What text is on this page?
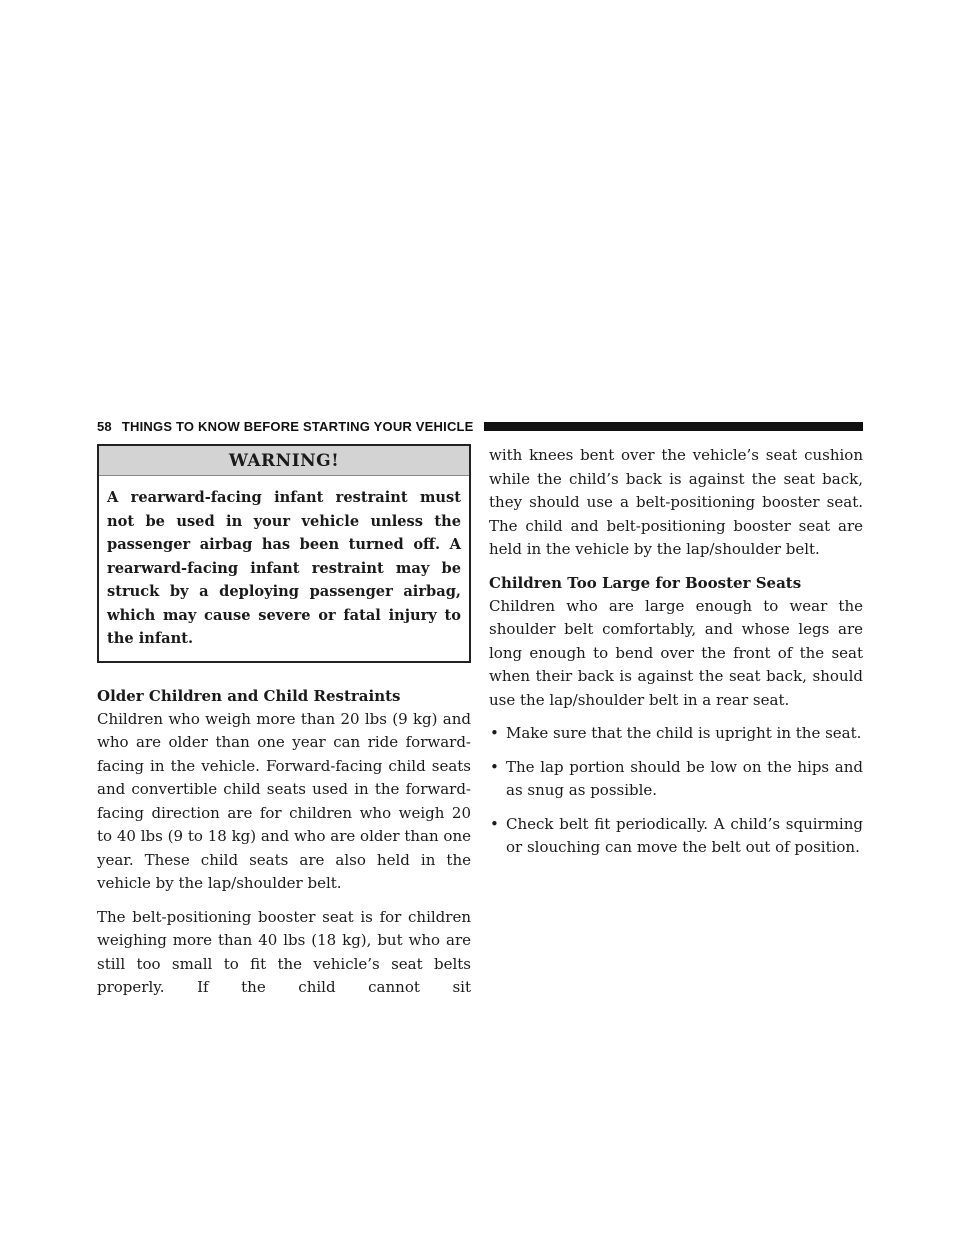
58 THINGS TO KNOW BEFORE STARTING YOUR VEHICLE
WARNING!
A rearward-facing infant restraint must not be used in your vehicle unless the passenger airbag has been turned off. A rearward-facing infant restraint may be struck by a deploying passenger airbag, which may cause severe or fatal injury to the infant.
Older Children and Child Restraints

Children who weigh more than 20 lbs (9 kg) and who are older than one year can ride forward-facing in the vehicle. Forward-facing child seats and convertible child seats used in the forward-facing direction are for children who weigh 20 to 40 lbs (9 to 18 kg) and who are older than one year. These child seats are also held in the vehicle by the lap/shoulder belt.

The belt-positioning booster seat is for children weighing more than 40 lbs (18 kg), but who are still too small to fit the vehicle’s seat belts properly. If the child cannot sit

with knees bent over the vehicle’s seat cushion while the child’s back is against the seat back, they should use a belt-positioning booster seat. The child and belt-positioning booster seat are held in the vehicle by the lap/shoulder belt.

Children Too Large for Booster Seats

Children who are large enough to wear the shoulder belt comfortably, and whose legs are long enough to bend over the front of the seat when their back is against the seat back, should use the lap/shoulder belt in a rear seat.

• Make sure that the child is upright in the seat.
• The lap portion should be low on the hips and as snug as possible.
• Check belt fit periodically. A child’s squirming or slouching can move the belt out of position.
